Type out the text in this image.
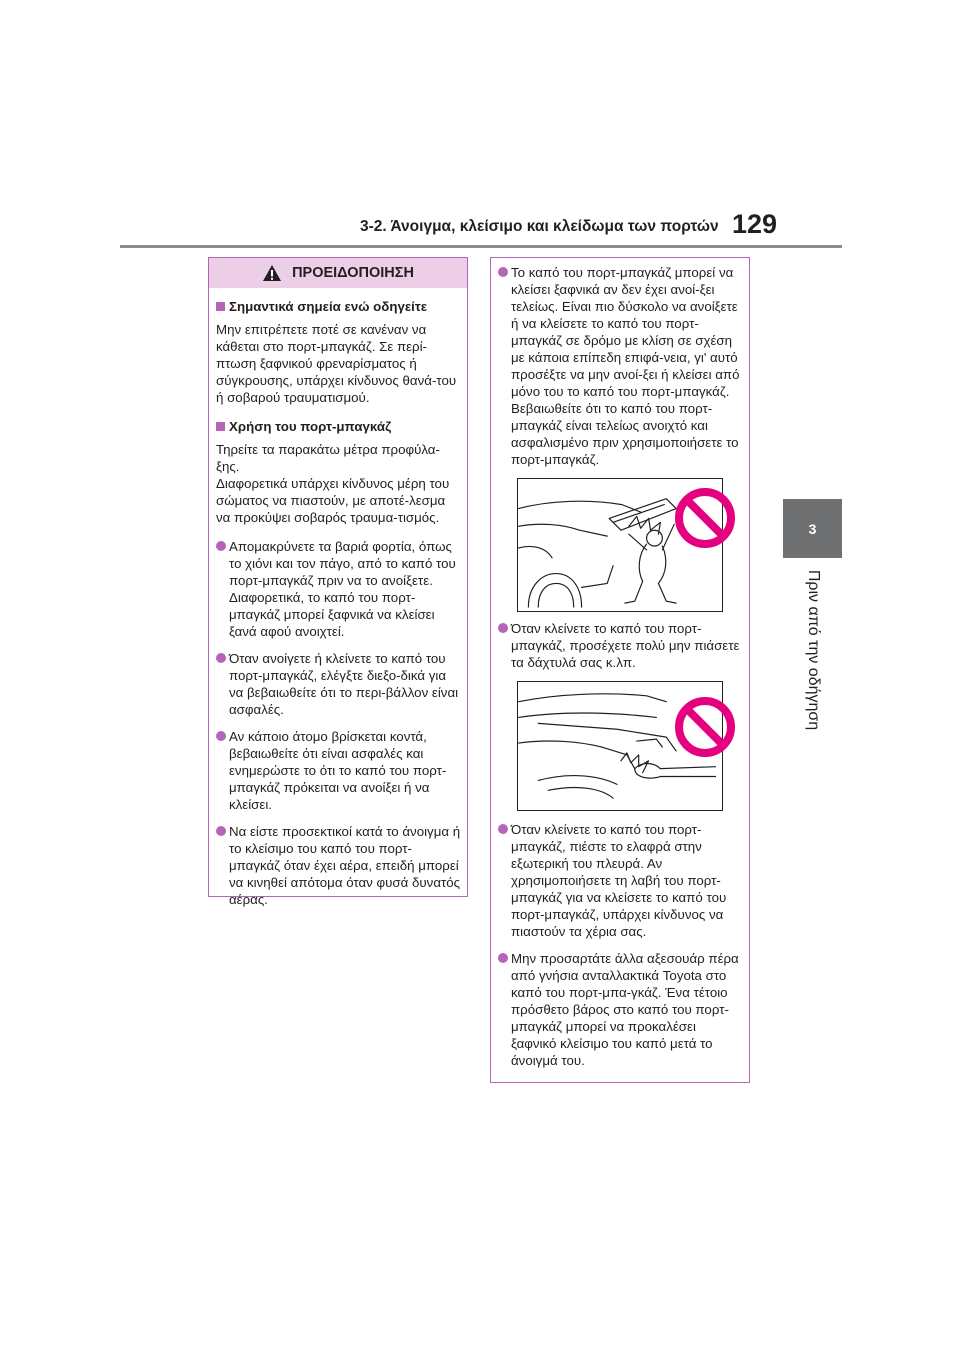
3-2. Άνοιγμα, κλείσιμο και κλείδωμα των πορτών 129
3
Πριν από την οδήγηση
ΠΡΟΕΙΔΟΠΟΙΗΣΗ
Σημαντικά σημεία ενώ οδηγείτε
Μην επιτρέπετε ποτέ σε κανέναν να κάθεται στο πορτ-μπαγκάζ. Σε περί-πτωση ξαφνικού φρεναρίσματος ή σύγκρουσης, υπάρχει κίνδυνος θανά-του ή σοβαρού τραυματισμού.
Χρήση του πορτ-μπαγκάζ
Τηρείτε τα παρακάτω μέτρα προφύλα-ξης.
Διαφορετικά υπάρχει κίνδυνος μέρη του σώματος να πιαστούν, με αποτέ-λεσμα να προκύψει σοβαρός τραυμα-τισμός.
Απομακρύνετε τα βαριά φορτία, όπως το χιόνι και τον πάγο, από το καπό του πορτ-μπαγκάζ πριν να το ανοίξετε. Διαφορετικά, το καπό του πορτ-μπαγκάζ μπορεί ξαφνικά να κλείσει ξανά αφού ανοιχτεί.
Όταν ανοίγετε ή κλείνετε το καπό του πορτ-μπαγκάζ, ελέγξτε διεξο-δικά για να βεβαιωθείτε ότι το περι-βάλλον είναι ασφαλές.
Αν κάποιο άτομο βρίσκεται κοντά, βεβαιωθείτε ότι είναι ασφαλές και ενημερώστε το ότι το καπό του πορτ-μπαγκάζ πρόκειται να ανοίξει ή να κλείσει.
Να είστε προσεκτικοί κατά το άνοιγμα ή το κλείσιμο του καπό του πορτ-μπαγκάζ όταν έχει αέρα, επειδή μπορεί να κινηθεί απότομα όταν φυσά δυνατός αέρας.
Το καπό του πορτ-μπαγκάζ μπορεί να κλείσει ξαφνικά αν δεν έχει ανοί-ξει τελείως. Είναι πιο δύσκολο να ανοίξετε ή να κλείσετε το καπό του πορτ-μπαγκάζ σε δρόμο με κλίση σε σχέση με κάποια επίπεδη επιφά-νεια, γι' αυτό προσέξτε να μην ανοί-ξει ή κλείσει από μόνο του το καπό του πορτ-μπαγκάζ. Βεβαιωθείτε ότι το καπό του πορτ-μπαγκάζ είναι τελείως ανοιχτό και ασφαλισμένο πριν χρησιμοποιήσετε το πορτ-μπαγκάζ.
Όταν κλείνετε το καπό του πορτ-μπαγκάζ, προσέχετε πολύ μην πιάσετε τα δάχτυλά σας κ.λπ.
Όταν κλείνετε το καπό του πορτ-μπαγκάζ, πιέστε το ελαφρά στην εξωτερική του πλευρά. Αν χρησιμοποιήσετε τη λαβή του πορτ-μπαγκάζ για να κλείσετε το καπό του πορτ-μπαγκάζ, υπάρχει κίνδυνος να πιαστούν τα χέρια σας.
Μην προσαρτάτε άλλα αξεσουάρ πέρα από γνήσια ανταλλακτικά Toyota στο καπό του πορτ-μπα-γκάζ. Ένα τέτοιο πρόσθετο βάρος στο καπό του πορτ-μπαγκάζ μπορεί να προκαλέσει ξαφνικό κλείσιμο του καπό μετά το άνοιγμά του.
